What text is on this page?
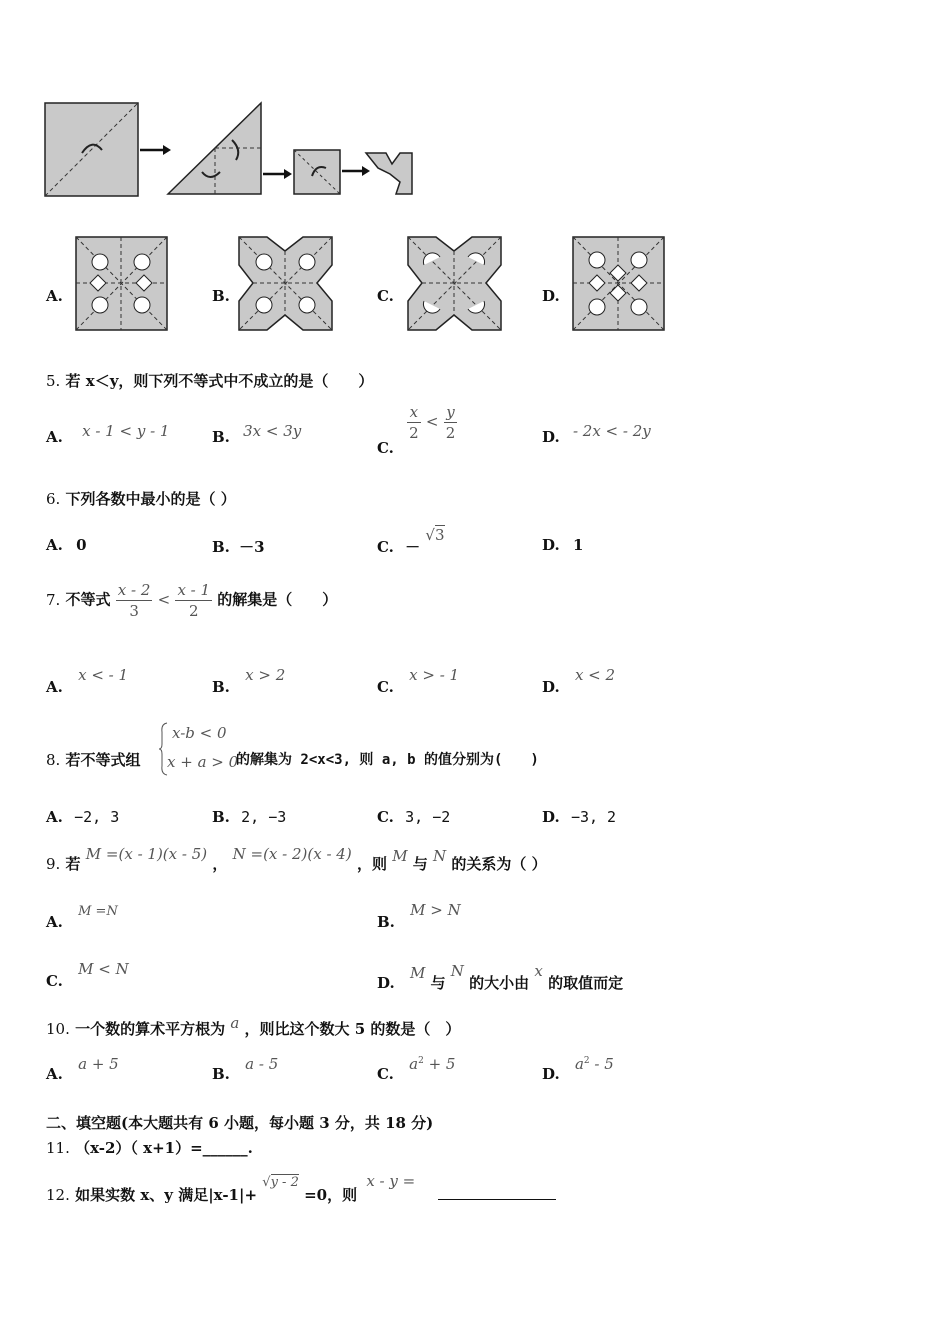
A.	B.	C.	D.
5. 若 x＜y，则下列不等式中不成立的是（　　）
A. x - 1 < y - 1	B. 3x < 3y
C.
$\frac{x}{2} < \frac{y}{2}$	D. - 2x < - 2y
6. 下列各数中最小的是（ ）
A. 0	B. －3	C. － √3
D. 1
7. 不等式 $\frac{x - 2}{3} < \frac{x - 1}{2}$ 的解集是（　　）
A. x < - 1
B. x > 2
C. x > - 1
D. x < 2
8. 若不等式组
x-b < 0
x + a > 0
的解集为 2<x<3, 则 a, b 的值分别为(　　)
A. −2, 3	B. 2, −3	C. 3, −2	D. −3, 2
9. 若 M =(x - 1)(x - 5) ， N =(x - 2)(x - 4) ，则 M 与 N 的关系为（ ）
A. M =N
B. M > N
C. M < N
D. M 与 N 的大小由 x 的取值而定
10. 一个数的算术平方根为 a ，则比这个数大 5 的数是（　）
A. a + 5
B. a - 5
C. $a^2 + 5$
D. $a^2 - 5$
二、填空题(本大题共有 6 小题，每小题 3 分，共 18 分)
11. （x-2）（ x+1）=______.
12. 如果实数 x、y 满足|x-1|+ √y - 2 =0，则 x - y =
